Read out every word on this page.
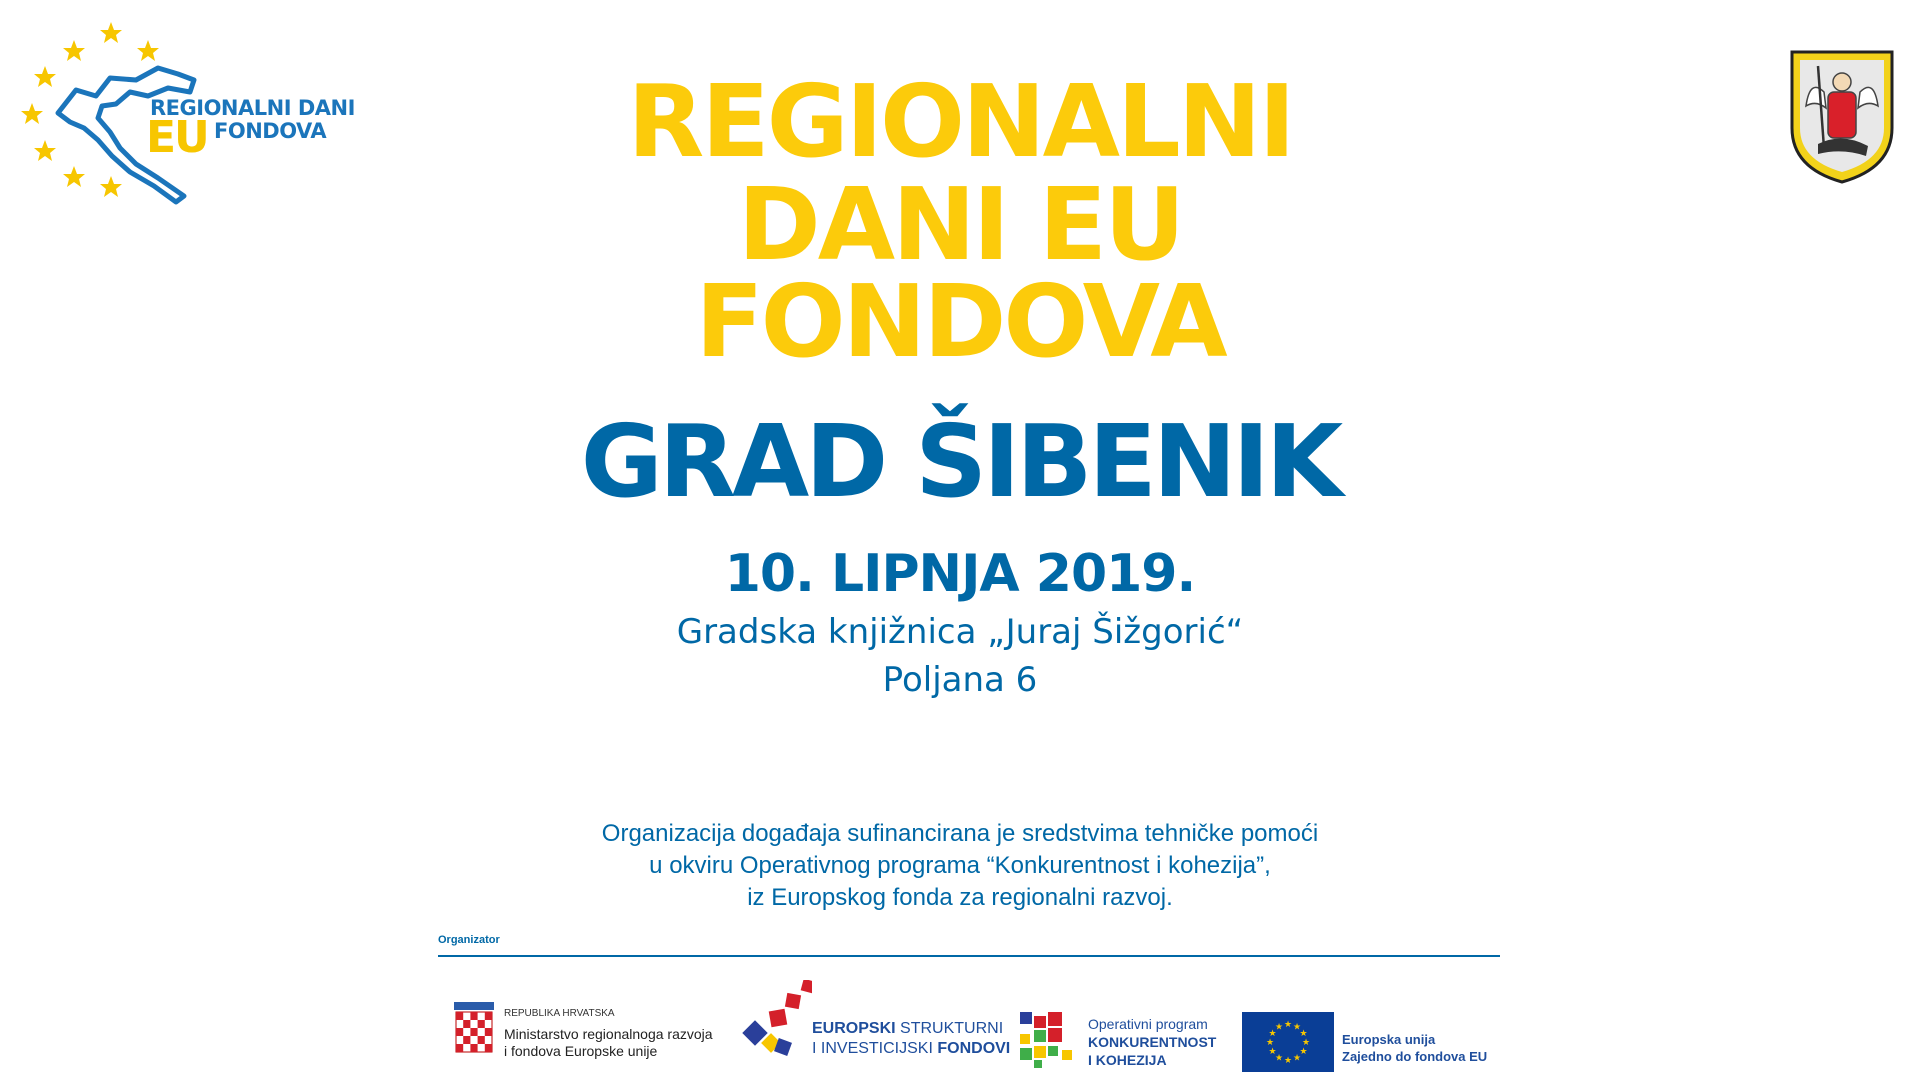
REGIONALNI DANI
EU FONDOVA	REGIONALNI
DANI EU
FONDOVA
GRAD ŠIBENIK
10. LIPNJA 2019.
Gradska knjižnica „Juraj Šižgorić“
Poljana 6
Organizacija događaja sufinancirana je sredstvima tehničke pomoći
u okviru Operativnog programa “Konkurentnost i kohezija”,
iz Europskog fonda za regionalni razvoj.
Organizator
REPUBLIKA HRVATSKA
Ministarstvo regionalnoga razvoja
i fondova Europske unije
EUROPSKI STRUKTURNI
I INVESTICIJSKI FONDOVI
Operativni program
KONKURENTNOST
I KOHEZIJA
★ ★
★
★
★
★
★
★
★
★
★
★
Europska unija
Zajedno do fondova EU
